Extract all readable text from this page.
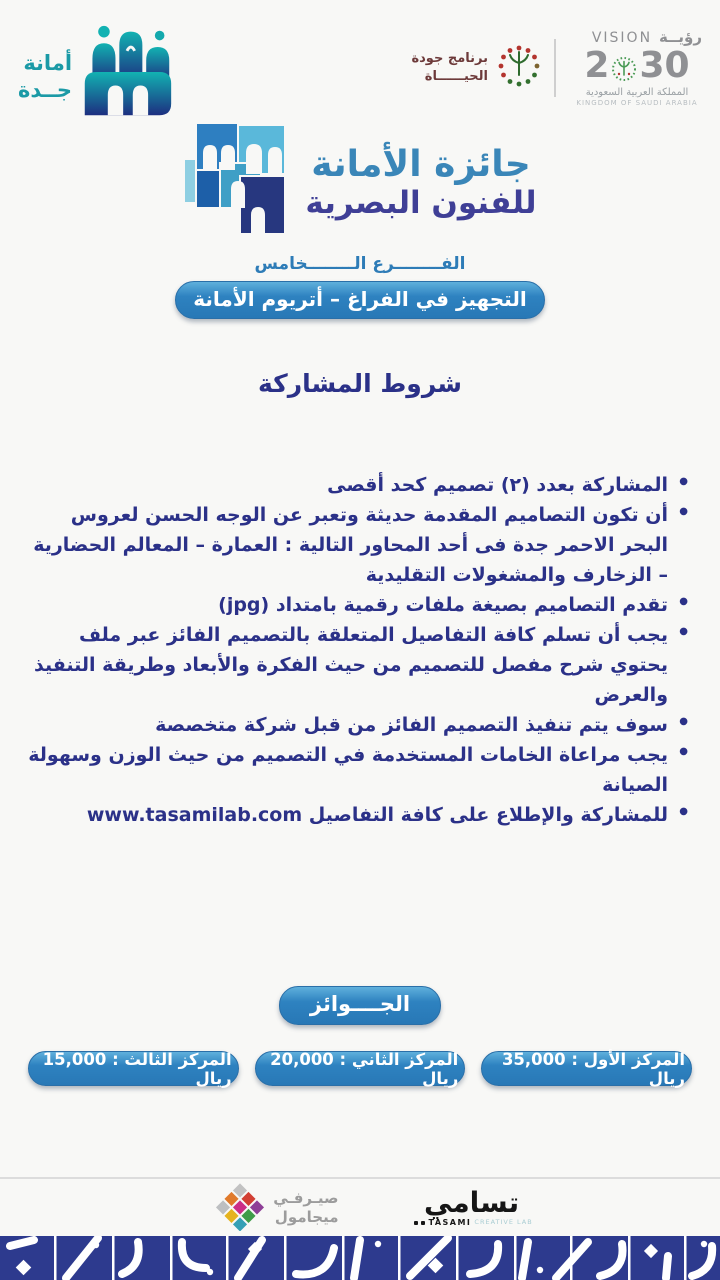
أمانة
جــدة
برنامج جودة
الحيــــــاة
VISION رؤيــة
2 30
المملكة العربية السعودية
KINGDOM OF SAUDI ARABIA
جائزة الأمانة
للفنون البصرية
الفــــــــرع الــــــــخامس
التجهيز في الفراغ – أتريوم الأمانة
شروط المشاركة
● المشاركة بعدد (٢) تصميم كحد أقصى
● أن تكون التصاميم المقدمة حديثة وتعبر عن الوجه الحسن لعروس البحر الاحمر جدة فى أحد المحاور التالية : العمارة – المعالم الحضارية – الزخارف والمشغولات التقليدية
● تقدم التصاميم بصيغة ملفات رقمية بامتداد (jpg)
● يجب أن تسلم كافة التفاصيل المتعلقة بالتصميم الفائز عبر ملف يحتوي شرح مفصل للتصميم من حيث الفكرة والأبعاد وطريقة التنفيذ والعرض
● سوف يتم تنفيذ التصميم الفائز من قبل شركة متخصصة
● يجب مراعاة الخامات المستخدمة في التصميم من حيث الوزن وسهولة الصيانة
● للمشاركة والإطلاع على كافة التفاصيل www.tasamilab.com
الجــــوائز
المركز الأول : 35,000 ريال
المركز الثاني : 20,000 ريال
المركز الثالث : 15,000 ريال
صيـرفـي
ميجامول	تسامي
TASAMI CREATIVE LAB
